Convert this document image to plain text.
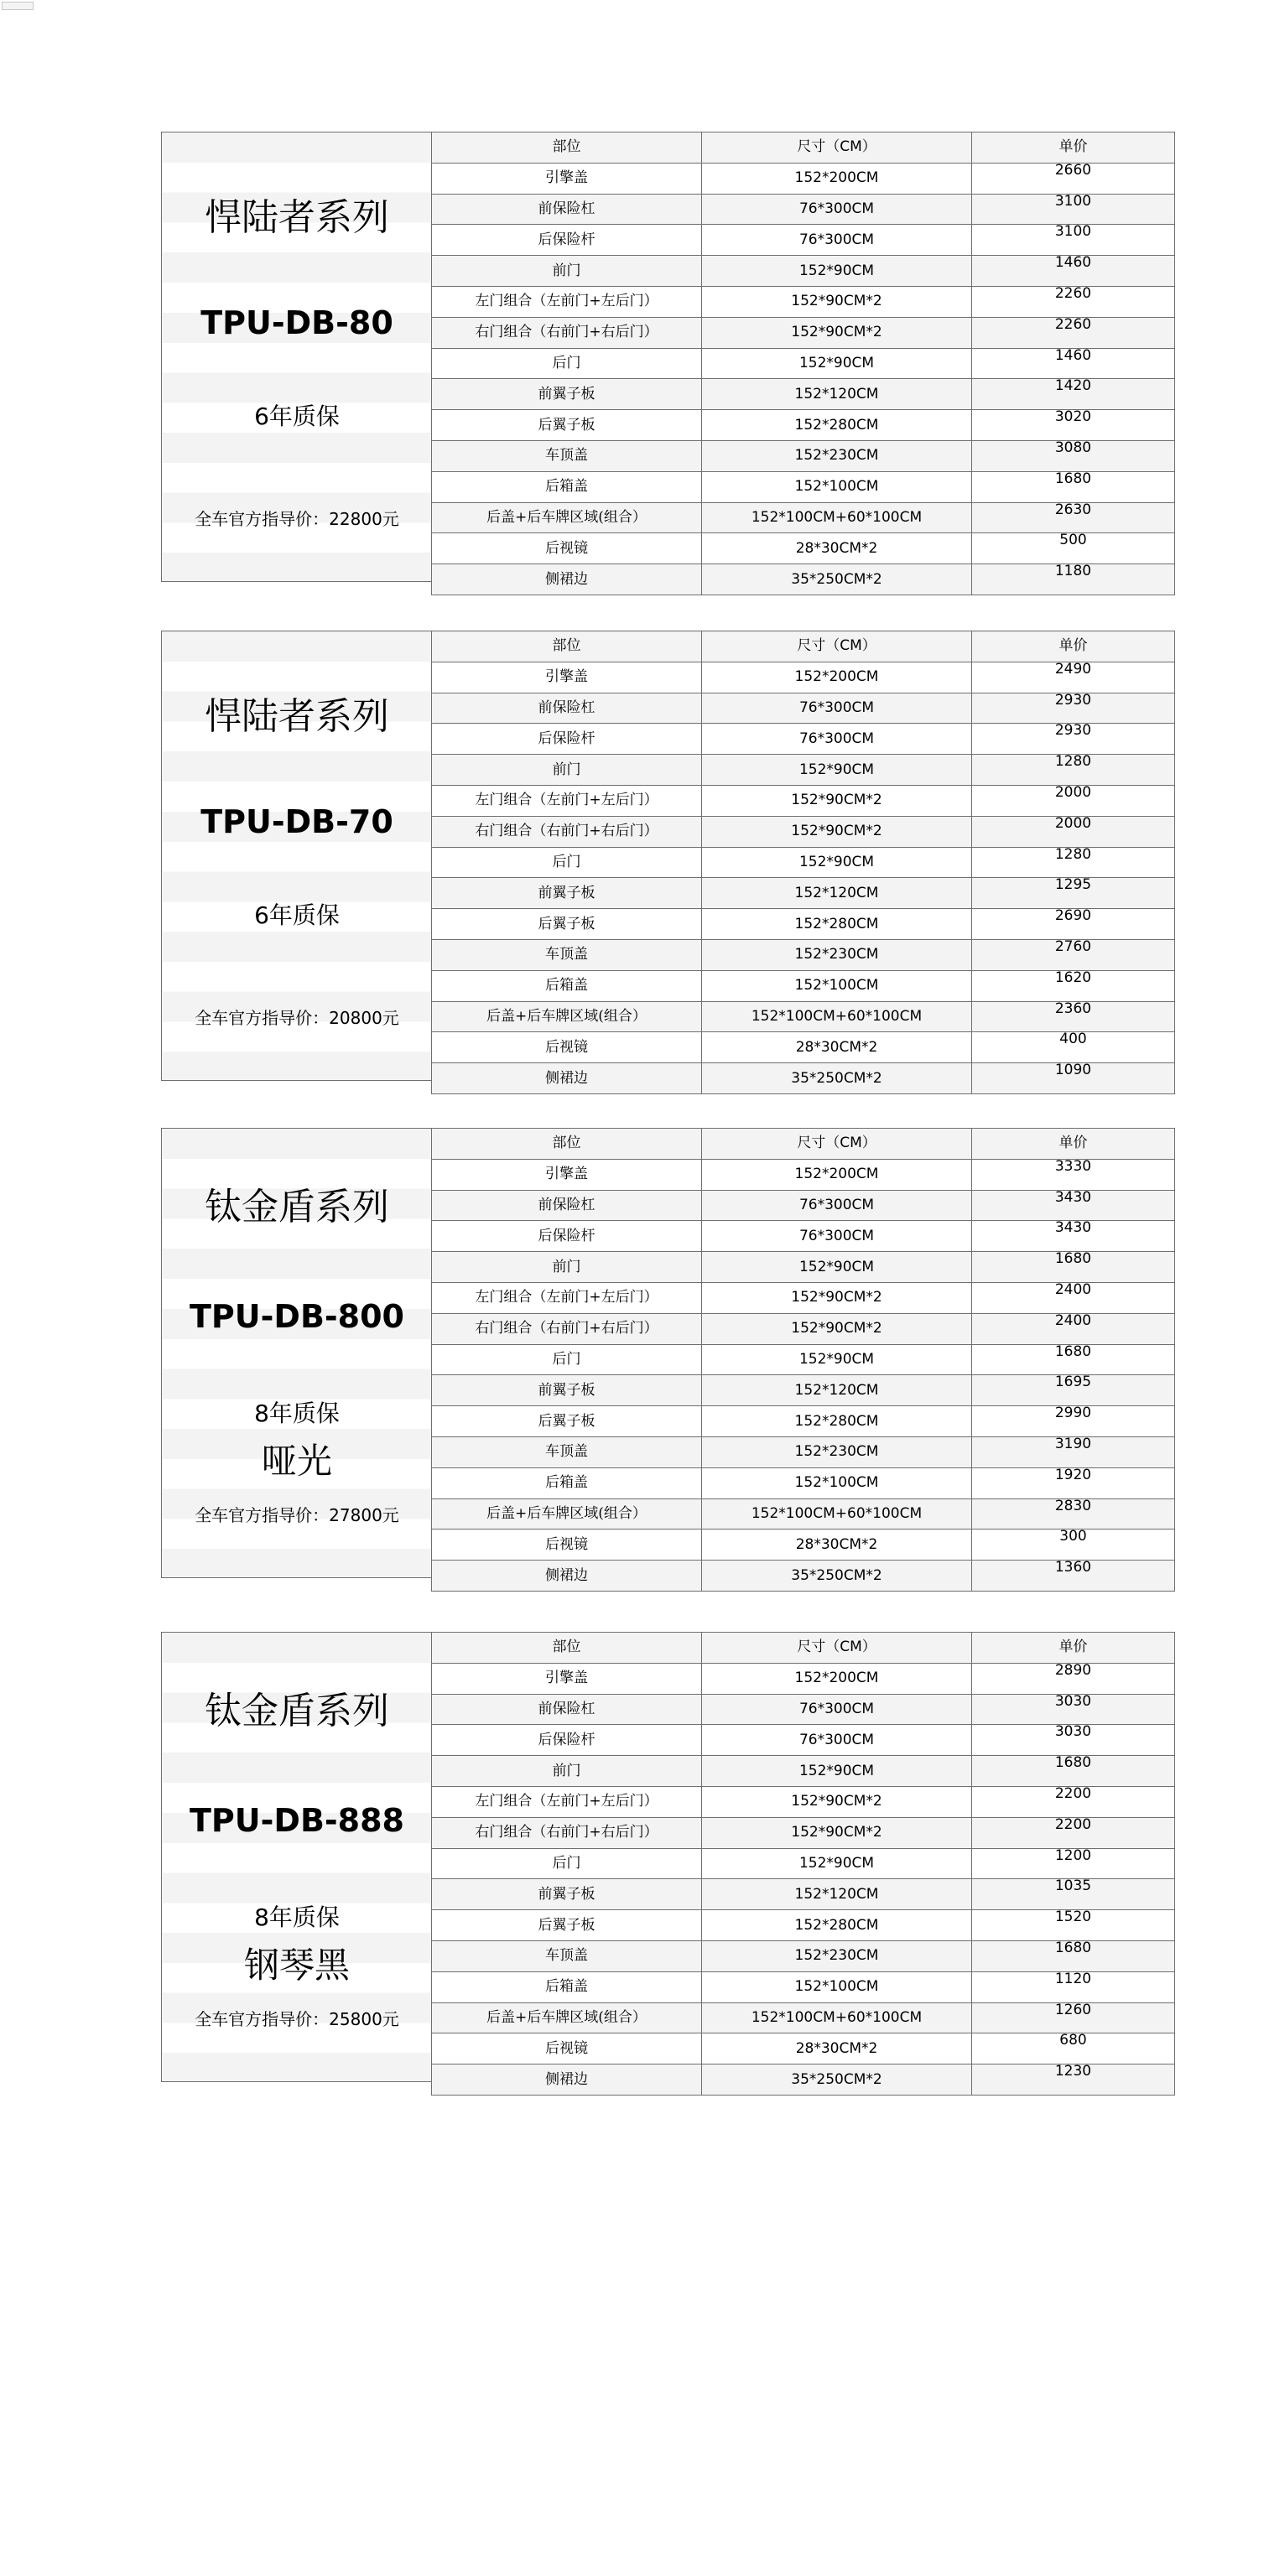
悍陆者系列
TPU-DB-80
6年质保
全车官方指导价：22800元
部位	尺寸（CM）	单价
引擎盖	152*200CM	2660
前保险杠	76*300CM	3100
后保险杆	76*300CM	3100
前门	152*90CM	1460
左门组合（左前门+左后门）	152*90CM*2	2260
右门组合（右前门+右后门）	152*90CM*2	2260
后门	152*90CM	1460
前翼子板	152*120CM	1420
后翼子板	152*280CM	3020
车顶盖	152*230CM	3080
后箱盖	152*100CM	1680
后盖+后车牌区域(组合）	152*100CM+60*100CM	2630
后视镜	28*30CM*2	500
侧裙边	35*250CM*2	1180
悍陆者系列
TPU-DB-70
6年质保
全车官方指导价：20800元
部位	尺寸（CM）	单价
引擎盖	152*200CM	2490
前保险杠	76*300CM	2930
后保险杆	76*300CM	2930
前门	152*90CM	1280
左门组合（左前门+左后门）	152*90CM*2	2000
右门组合（右前门+右后门）	152*90CM*2	2000
后门	152*90CM	1280
前翼子板	152*120CM	1295
后翼子板	152*280CM	2690
车顶盖	152*230CM	2760
后箱盖	152*100CM	1620
后盖+后车牌区域(组合）	152*100CM+60*100CM	2360
后视镜	28*30CM*2	400
侧裙边	35*250CM*2	1090
钛金盾系列
TPU-DB-800
8年质保
哑光
全车官方指导价：27800元
部位	尺寸（CM）	单价
引擎盖	152*200CM	3330
前保险杠	76*300CM	3430
后保险杆	76*300CM	3430
前门	152*90CM	1680
左门组合（左前门+左后门）	152*90CM*2	2400
右门组合（右前门+右后门）	152*90CM*2	2400
后门	152*90CM	1680
前翼子板	152*120CM	1695
后翼子板	152*280CM	2990
车顶盖	152*230CM	3190
后箱盖	152*100CM	1920
后盖+后车牌区域(组合）	152*100CM+60*100CM	2830
后视镜	28*30CM*2	300
侧裙边	35*250CM*2	1360
钛金盾系列
TPU-DB-888
8年质保
钢琴黑
全车官方指导价：25800元
部位	尺寸（CM）	单价
引擎盖	152*200CM	2890
前保险杠	76*300CM	3030
后保险杆	76*300CM	3030
前门	152*90CM	1680
左门组合（左前门+左后门）	152*90CM*2	2200
右门组合（右前门+右后门）	152*90CM*2	2200
后门	152*90CM	1200
前翼子板	152*120CM	1035
后翼子板	152*280CM	1520
车顶盖	152*230CM	1680
后箱盖	152*100CM	1120
后盖+后车牌区域(组合）	152*100CM+60*100CM	1260
后视镜	28*30CM*2	680
侧裙边	35*250CM*2	1230
